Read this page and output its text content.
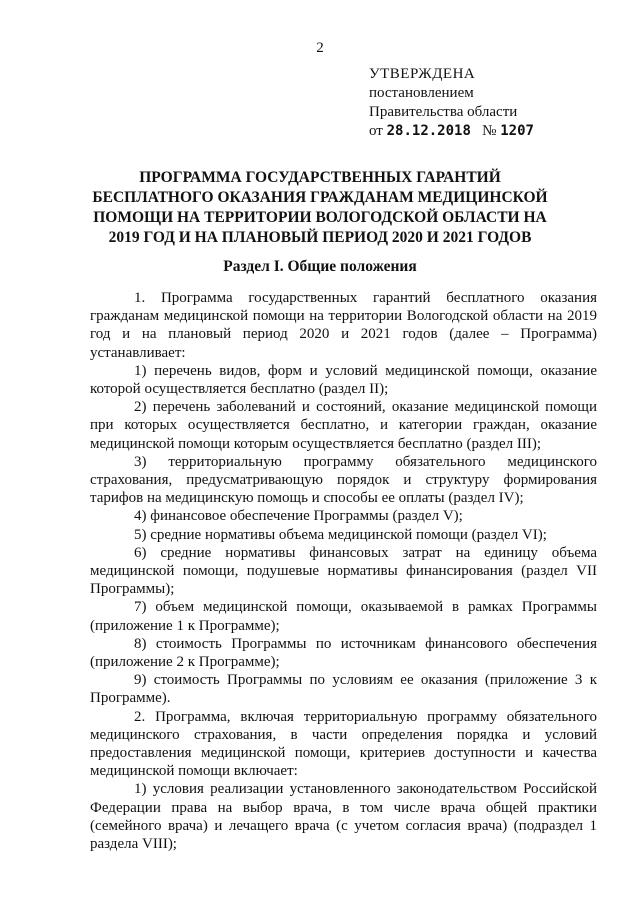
2
УТВЕРЖДЕНА
постановлением
Правительства области
от 28.12.2018 № 1207
ПРОГРАММА ГОСУДАРСТВЕННЫХ ГАРАНТИЙ БЕСПЛАТНОГО ОКАЗАНИЯ ГРАЖДАНАМ МЕДИЦИНСКОЙ ПОМОЩИ НА ТЕРРИТОРИИ ВОЛОГОДСКОЙ ОБЛАСТИ НА 2019 ГОД И НА ПЛАНОВЫЙ ПЕРИОД 2020 И 2021 ГОДОВ
Раздел I. Общие положения

1. Программа государственных гарантий бесплатного оказания гражданам медицинской помощи на территории Вологодской области на 2019 год и на плановый период 2020 и 2021 годов (далее – Программа) устанавливает:

1) перечень видов, форм и условий медицинской помощи, оказание которой осуществляется бесплатно (раздел II);

2) перечень заболеваний и состояний, оказание медицинской помощи при которых осуществляется бесплатно, и категории граждан, оказание медицинской помощи которым осуществляется бесплатно (раздел III);

3) территориальную программу обязательного медицинского страхования, предусматривающую порядок и структуру формирования тарифов на медицинскую помощь и способы ее оплаты (раздел IV);

4) финансовое обеспечение Программы (раздел V);

5) средние нормативы объема медицинской помощи (раздел VI);

6) средние нормативы финансовых затрат на единицу объема медицинской помощи, подушевые нормативы финансирования (раздел VII Программы);

7) объем медицинской помощи, оказываемой в рамках Программы (приложение 1 к Программе);

8) стоимость Программы по источникам финансового обеспечения (приложение 2 к Программе);

9) стоимость Программы по условиям ее оказания (приложение 3 к Программе).

2. Программа, включая территориальную программу обязательного медицинского страхования, в части определения порядка и условий предоставления медицинской помощи, критериев доступности и качества медицинской помощи включает:

1) условия реализации установленного законодательством Российской Федерации права на выбор врача, в том числе врача общей практики (семейного врача) и лечащего врача (с учетом согласия врача) (подраздел 1 раздела VIII);
